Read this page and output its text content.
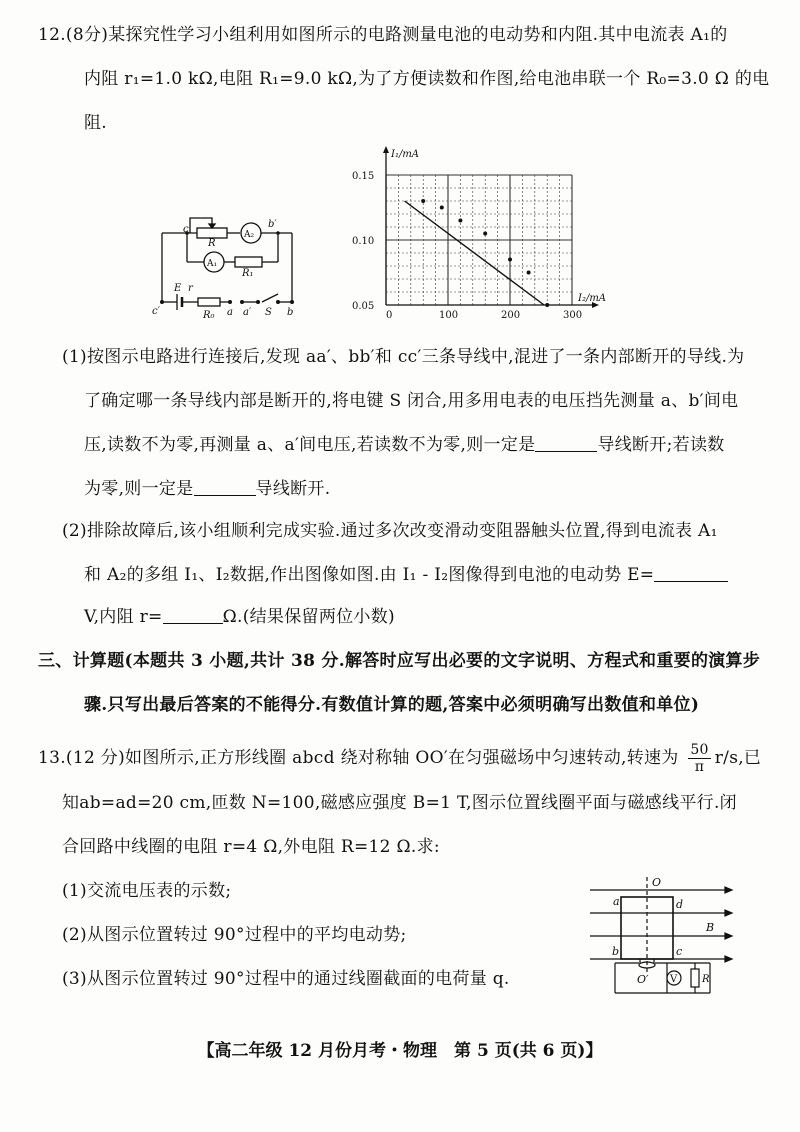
12.(8分)某探究性学习小组利用如图所示的电路测量电池的电动势和内阻.其中电流表 A₁的
内阻 r₁=1.0 kΩ,电阻 R₁=9.0 kΩ,为了方便读数和作图,给电池串联一个 R₀=3.0 Ω 的电
阻.
c
R
A₂
b′
A₁
R₁
E r
c′	R₀ a a′ S b	0	100	200	300
0.05
0.10
0.15
I₂/mA
I₁/mA
(1)按图示电路进行连接后,发现 aa′、bb′和 cc′三条导线中,混进了一条内部断开的导线.为
了确定哪一条导线内部是断开的,将电键 S 闭合,用多用电表的电压挡先测量 a、b′间电
压,读数不为零,再测量 a、a′间电压,若读数不为零,则一定是	导线断开;若读数
为零,则一定是	导线断开.
(2)排除故障后,该小组顺利完成实验.通过多次改变滑动变阻器触头位置,得到电流表 A₁
和 A₂的多组 I₁、I₂数据,作出图像如图.由 I₁ - I₂图像得到电池的电动势 E=
V,内阻 r=	Ω.(结果保留两位小数)
三、计算题(本题共 3 小题,共计 38 分.解答时应写出必要的文字说明、方程式和重要的演算步
骤.只写出最后答案的不能得分.有数值计算的题,答案中必须明确写出数值和单位)
13.(12 分)如图所示,正方形线圈 abcd 绕对称轴 OO′在匀强磁场中匀速转动,转速为 $\frac{50}{\pi} r/s$,已
知ab=ad=20 cm,匝数 N=100,磁感应强度 B=1 T,图示位置线圈平面与磁感线平行.闭
合回路中线圈的电阻 r=4 Ω,外电阻 R=12 Ω.求:
(1)交流电压表的示数;
(2)从图示位置转过 90°过程中的平均电动势;
(3)从图示位置转过 90°过程中的通过线圈截面的电荷量 q.
O
a	d
B
b	c
O′ V R
【高二年级 12 月份月考・物理　第 5 页(共 6 页)】
